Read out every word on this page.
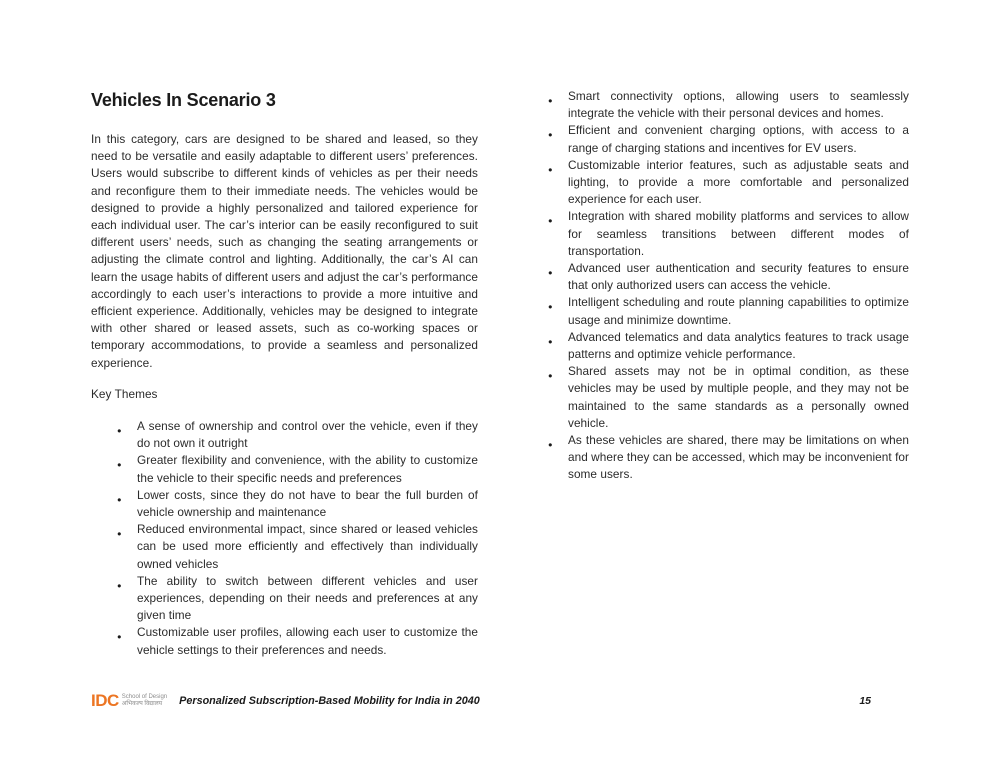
Vehicles In Scenario 3

In this category, cars are designed to be shared and leased, so they need to be versatile and easily adaptable to different users’ preferences. Users would subscribe to different kinds of vehicles as per their needs and reconfigure them to their immediate needs. The vehicles would be designed to provide a highly personalized and tailored experience for each individual user. The car’s interior can be easily reconfigured to suit different users’ needs, such as changing the seating arrangements or adjusting the climate control and lighting. Additionally, the car’s AI can learn the usage habits of different users and adjust the car’s performance accordingly to each user’s interactions to provide a more intuitive and efficient experience. Additionally, vehicles may be designed to integrate with other shared or leased assets, such as co-working spaces or temporary accommodations, to provide a seamless and personalized experience.

Key Themes

● A sense of ownership and control over the vehicle, even if they do not own it outright
● Greater flexibility and convenience, with the ability to customize the vehicle to their specific needs and preferences
● Lower costs, since they do not have to bear the full burden of vehicle ownership and maintenance
● Reduced environmental impact, since shared or leased vehicles can be used more efficiently and effectively than individually owned vehicles
● The ability to switch between different vehicles and user experiences, depending on their needs and preferences at any given time
● Customizable user profiles, allowing each user to customize the vehicle settings to their preferences and needs.
● Smart connectivity options, allowing users to seamlessly integrate the vehicle with their personal devices and homes.
● Efficient and convenient charging options, with access to a range of charging stations and incentives for EV users.
● Customizable interior features, such as adjustable seats and lighting, to provide a more comfortable and personalized experience for each user.
● Integration with shared mobility platforms and services to allow for seamless transitions between different modes of transportation.
● Advanced user authentication and security features to ensure that only authorized users can access the vehicle.
● Intelligent scheduling and route planning capabilities to optimize usage and minimize downtime.
● Advanced telematics and data analytics features to track usage patterns and optimize vehicle performance.
● Shared assets may not be in optimal condition, as these vehicles may be used by multiple people, and they may not be maintained to the same standards as a personally owned vehicle.
● As these vehicles are shared, there may be limitations on when and where they can be accessed, which may be inconvenient for some users.
IDC School of Design
अभिकल्प विद्यालय	Personalized Subscription-Based Mobility for India in 2040	15
